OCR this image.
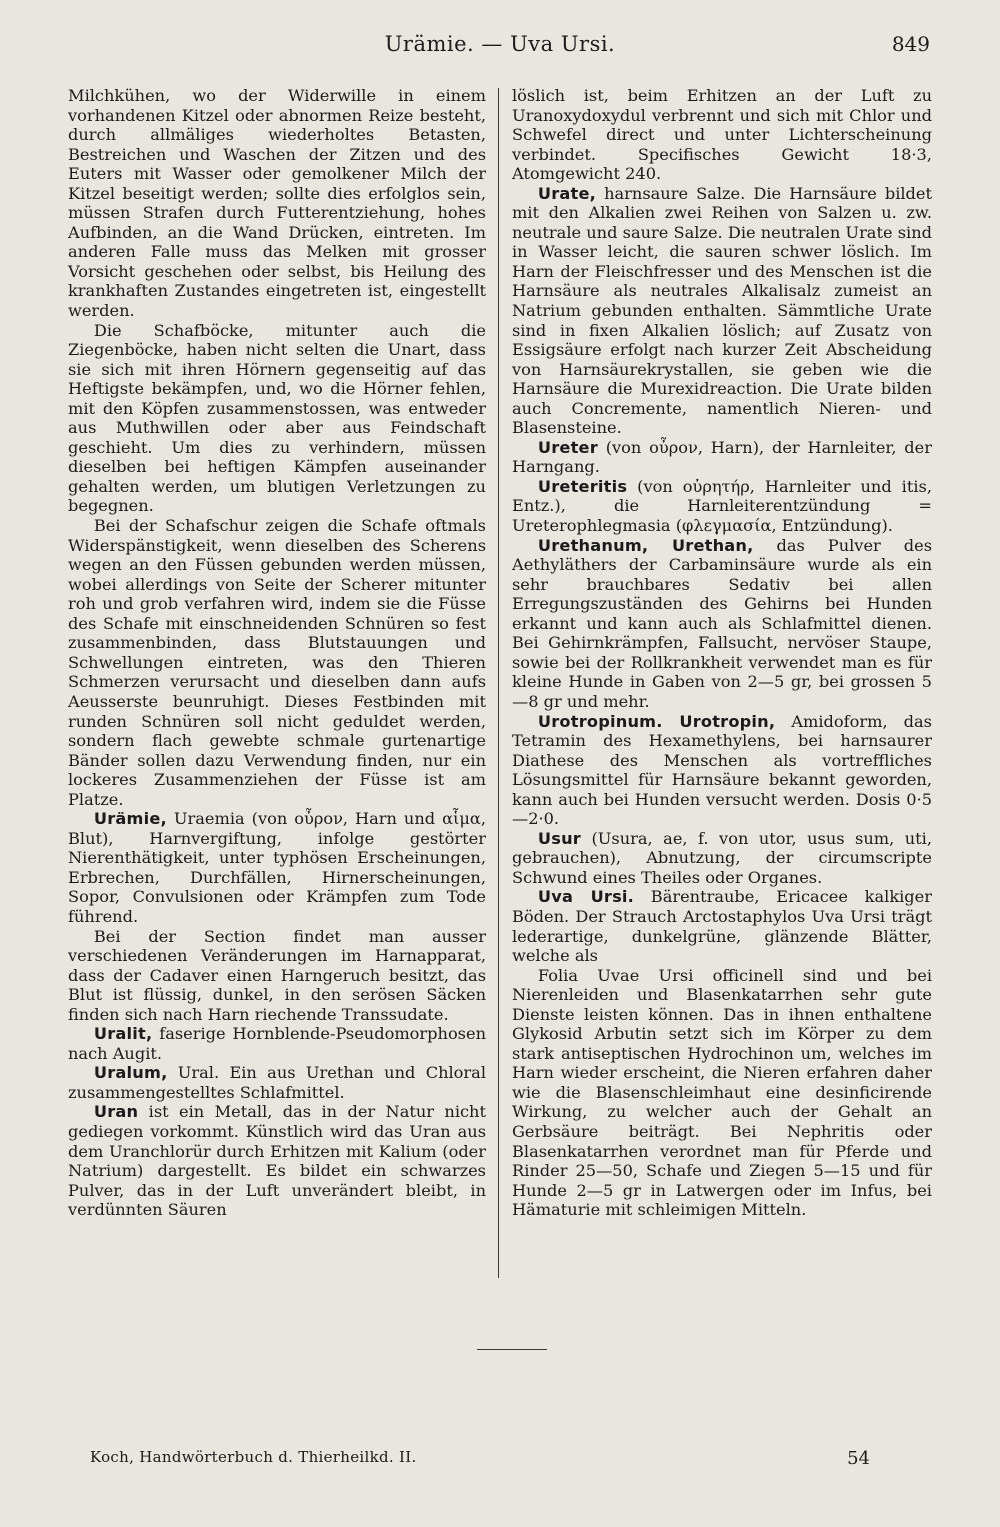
Urämie. — Uva Ursi.	849

Milchkühen, wo der Widerwille in einem vorhandenen Kitzel oder abnormen Reize besteht, durch allmäliges wiederholtes Betasten, Bestreichen und Waschen der Zitzen und des Euters mit Wasser oder gemolkener Milch der Kitzel beseitigt werden; sollte dies erfolglos sein, müssen Strafen durch Futterentziehung, hohes Aufbinden, an die Wand Drücken, eintreten. Im anderen Falle muss das Melken mit grosser Vorsicht geschehen oder selbst, bis Heilung des krankhaften Zustandes eingetreten ist, eingestellt werden.

Die Schafböcke, mitunter auch die Ziegenböcke, haben nicht selten die Unart, dass sie sich mit ihren Hörnern gegenseitig auf das Heftigste bekämpfen, und, wo die Hörner fehlen, mit den Köpfen zusammenstossen, was entweder aus Muthwillen oder aber aus Feindschaft geschieht. Um dies zu verhindern, müssen dieselben bei heftigen Kämpfen auseinander gehalten werden, um blutigen Verletzungen zu begegnen.

Bei der Schafschur zeigen die Schafe oftmals Widerspänstigkeit, wenn dieselben des Scherens wegen an den Füssen gebunden werden müssen, wobei allerdings von Seite der Scherer mitunter roh und grob verfahren wird, indem sie die Füsse des Schafe mit einschneidenden Schnüren so fest zusammenbinden, dass Blutstauungen und Schwellungen eintreten, was den Thieren Schmerzen verursacht und dieselben dann aufs Aeusserste beunruhigt. Dieses Festbinden mit runden Schnüren soll nicht geduldet werden, sondern flach gewebte schmale gurtenartige Bänder sollen dazu Verwendung finden, nur ein lockeres Zusammenziehen der Füsse ist am Platze.

Urämie, Uraemia (von οὖρον, Harn und αἷμα, Blut), Harnvergiftung, infolge gestörter Nierenthätigkeit, unter typhösen Erscheinungen, Erbrechen, Durchfällen, Hirnerscheinungen, Sopor, Convulsionen oder Krämpfen zum Tode führend.

Bei der Section findet man ausser verschiedenen Veränderungen im Harnapparat, dass der Cadaver einen Harngeruch besitzt, das Blut ist flüssig, dunkel, in den serösen Säcken finden sich nach Harn riechende Transsudate.

Uralit, faserige Hornblende-Pseudomorphosen nach Augit.

Uralum, Ural. Ein aus Urethan und Chloral zusammengestelltes Schlafmittel.

Uran ist ein Metall, das in der Natur nicht gediegen vorkommt. Künstlich wird das Uran aus dem Uranchlorür durch Erhitzen mit Kalium (oder Natrium) dargestellt. Es bildet ein schwarzes Pulver, das in der Luft unverändert bleibt, in verdünnten Säuren

löslich ist, beim Erhitzen an der Luft zu Uranoxydoxydul verbrennt und sich mit Chlor und Schwefel direct und unter Lichterscheinung verbindet. Specifisches Gewicht 18·3, Atomgewicht 240.

Urate, harnsaure Salze. Die Harnsäure bildet mit den Alkalien zwei Reihen von Salzen u. zw. neutrale und saure Salze. Die neutralen Urate sind in Wasser leicht, die sauren schwer löslich. Im Harn der Fleischfresser und des Menschen ist die Harnsäure als neutrales Alkalisalz zumeist an Natrium gebunden enthalten. Sämmtliche Urate sind in fixen Alkalien löslich; auf Zusatz von Essigsäure erfolgt nach kurzer Zeit Abscheidung von Harnsäurekrystallen, sie geben wie die Harnsäure die Murexidreaction. Die Urate bilden auch Concremente, namentlich Nieren- und Blasensteine.

Ureter (von οὖρον, Harn), der Harnleiter, der Harngang.

Ureteritis (von οὐρητήρ, Harnleiter und itis, Entz.), die Harnleiterentzündung = Ureterophlegmasia (φλεγμασία, Entzündung).

Urethanum, Urethan, das Pulver des Aethyläthers der Carbaminsäure wurde als ein sehr brauchbares Sedativ bei allen Erregungszuständen des Gehirns bei Hunden erkannt und kann auch als Schlafmittel dienen. Bei Gehirnkrämpfen, Fallsucht, nervöser Staupe, sowie bei der Rollkrankheit verwendet man es für kleine Hunde in Gaben von 2—5 gr, bei grossen 5—8 gr und mehr.

Urotropinum. Urotropin, Amidoform, das Tetramin des Hexamethylens, bei harnsaurer Diathese des Menschen als vortreffliches Lösungsmittel für Harnsäure bekannt geworden, kann auch bei Hunden versucht werden. Dosis 0·5—2·0.

Usur (Usura, ae, f. von utor, usus sum, uti, gebrauchen), Abnutzung, der circumscripte Schwund eines Theiles oder Organes.

Uva Ursi. Bärentraube, Ericacee kalkiger Böden. Der Strauch Arctostaphylos Uva Ursi trägt lederartige, dunkelgrüne, glänzende Blätter, welche als

Folia Uvae Ursi officinell sind und bei Nierenleiden und Blasenkatarrhen sehr gute Dienste leisten können. Das in ihnen enthaltene Glykosid Arbutin setzt sich im Körper zu dem stark antiseptischen Hydrochinon um, welches im Harn wieder erscheint, die Nieren erfahren daher wie die Blasenschleimhaut eine desinficirende Wirkung, zu welcher auch der Gehalt an Gerbsäure beiträgt. Bei Nephritis oder Blasenkatarrhen verordnet man für Pferde und Rinder 25—50, Schafe und Ziegen 5—15 und für Hunde 2—5 gr in Latwergen oder im Infus, bei Hämaturie mit schleimigen Mitteln.

Koch, Handwörterbuch d. Thierheilkd. II.	54
